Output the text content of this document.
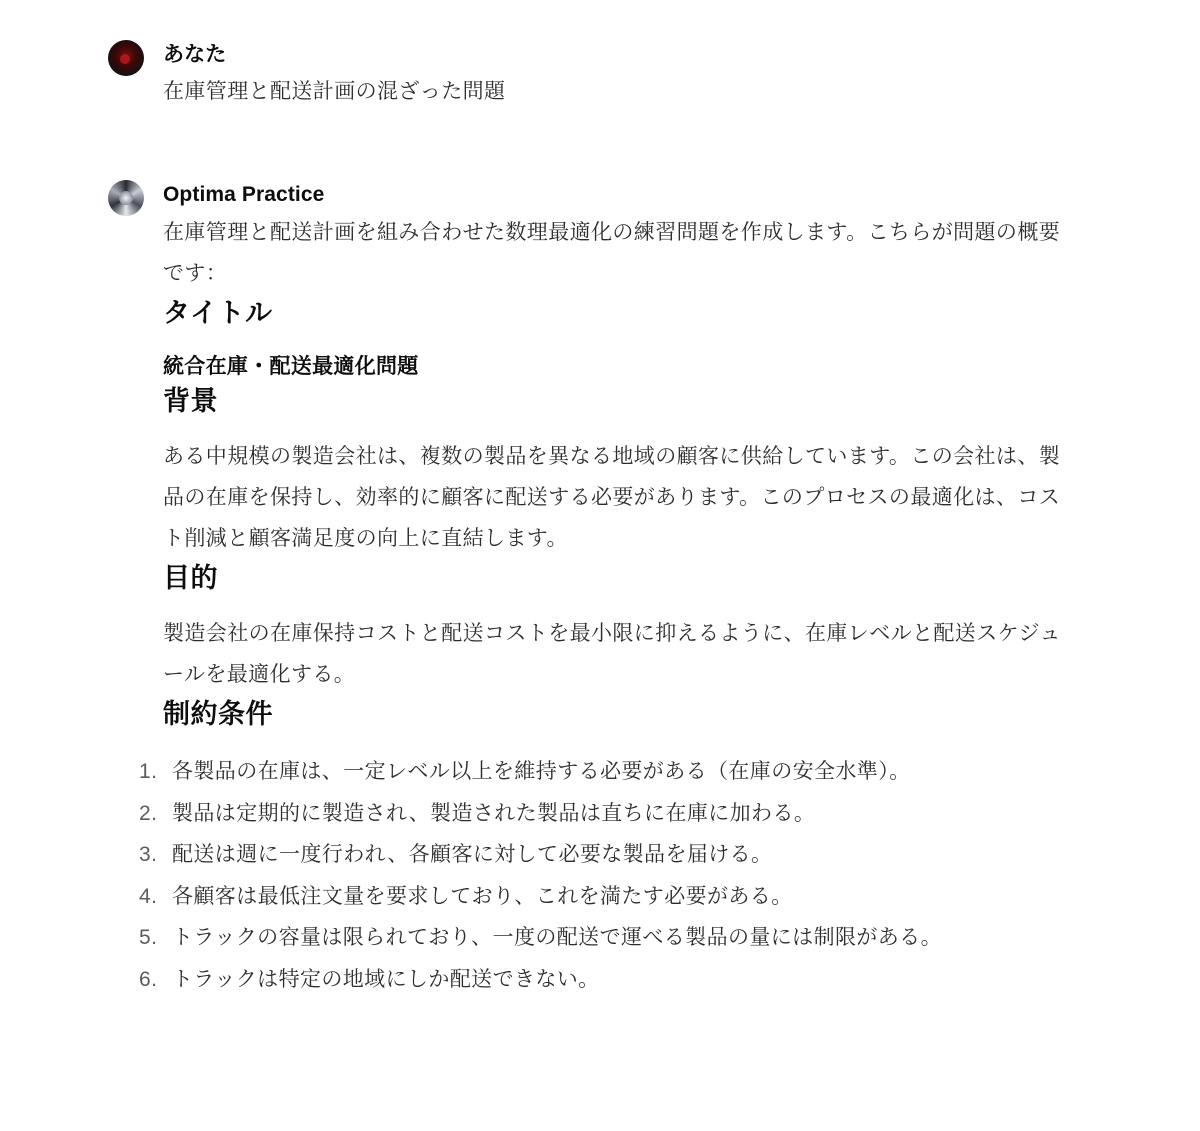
あなた
在庫管理と配送計画の混ざった問題
Optima Practice

在庫管理と配送計画を組み合わせた数理最適化の練習問題を作成します。こちらが問題の概要です：

タイトル
統合在庫・配送最適化問題
背景

ある中規模の製造会社は、複数の製品を異なる地域の顧客に供給しています。この会社は、製品の在庫を保持し、効率的に顧客に配送する必要があります。このプロセスの最適化は、コスト削減と顧客満足度の向上に直結します。

目的

製造会社の在庫保持コストと配送コストを最小限に抑えるように、在庫レベルと配送スケジュールを最適化する。

制約条件
1. 各製品の在庫は、一定レベル以上を維持する必要がある（在庫の安全水準）。
2. 製品は定期的に製造され、製造された製品は直ちに在庫に加わる。
3. 配送は週に一度行われ、各顧客に対して必要な製品を届ける。
4. 各顧客は最低注文量を要求しており、これを満たす必要がある。
5. トラックの容量は限られており、一度の配送で運べる製品の量には制限がある。
6. トラックは特定の地域にしか配送できない。
